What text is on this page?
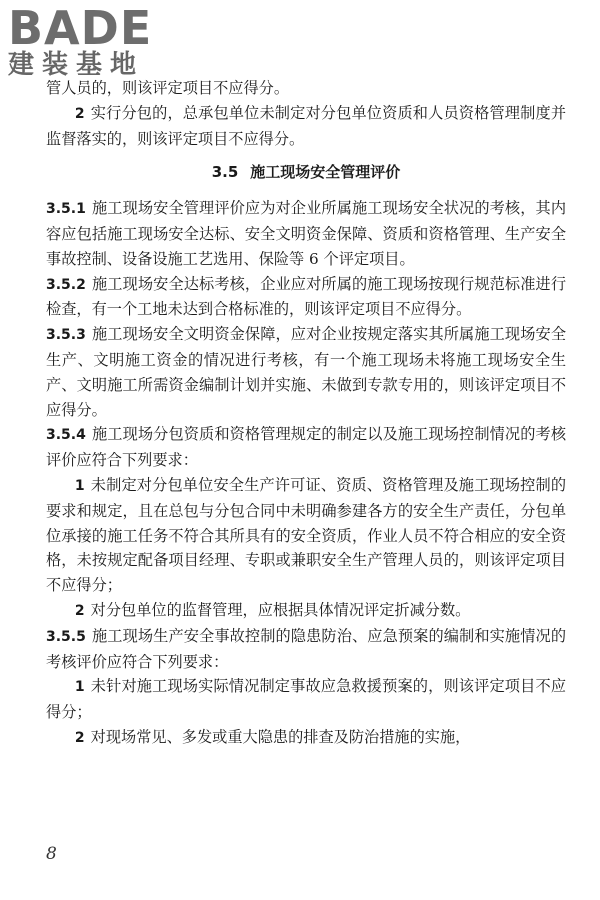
BADE
建装基地

管人员的，则该评定项目不应得分。

2 实行分包的，总承包单位未制定对分包单位资质和人员资格管理制度并监督落实的，则该评定项目不应得分。

3.5 施工现场安全管理评价

3.5.1 施工现场安全管理评价应为对企业所属施工现场安全状况的考核，其内容应包括施工现场安全达标、安全文明资金保障、资质和资格管理、生产安全事故控制、设备设施工艺选用、保险等 6 个评定项目。

3.5.2 施工现场安全达标考核，企业应对所属的施工现场按现行规范标准进行检查，有一个工地未达到合格标准的，则该评定项目不应得分。

3.5.3 施工现场安全文明资金保障，应对企业按规定落实其所属施工现场安全生产、文明施工资金的情况进行考核，有一个施工现场未将施工现场安全生产、文明施工所需资金编制计划并实施、未做到专款专用的，则该评定项目不应得分。

3.5.4 施工现场分包资质和资格管理规定的制定以及施工现场控制情况的考核评价应符合下列要求：

1 未制定对分包单位安全生产许可证、资质、资格管理及施工现场控制的要求和规定，且在总包与分包合同中未明确参建各方的安全生产责任，分包单位承接的施工任务不符合其所具有的安全资质，作业人员不符合相应的安全资格，未按规定配备项目经理、专职或兼职安全生产管理人员的，则该评定项目不应得分；

2 对分包单位的监督管理，应根据具体情况评定折减分数。

3.5.5 施工现场生产安全事故控制的隐患防治、应急预案的编制和实施情况的考核评价应符合下列要求：

1 未针对施工现场实际情况制定事故应急救援预案的，则该评定项目不应得分；

2 对现场常见、多发或重大隐患的排查及防治措施的实施，

8
